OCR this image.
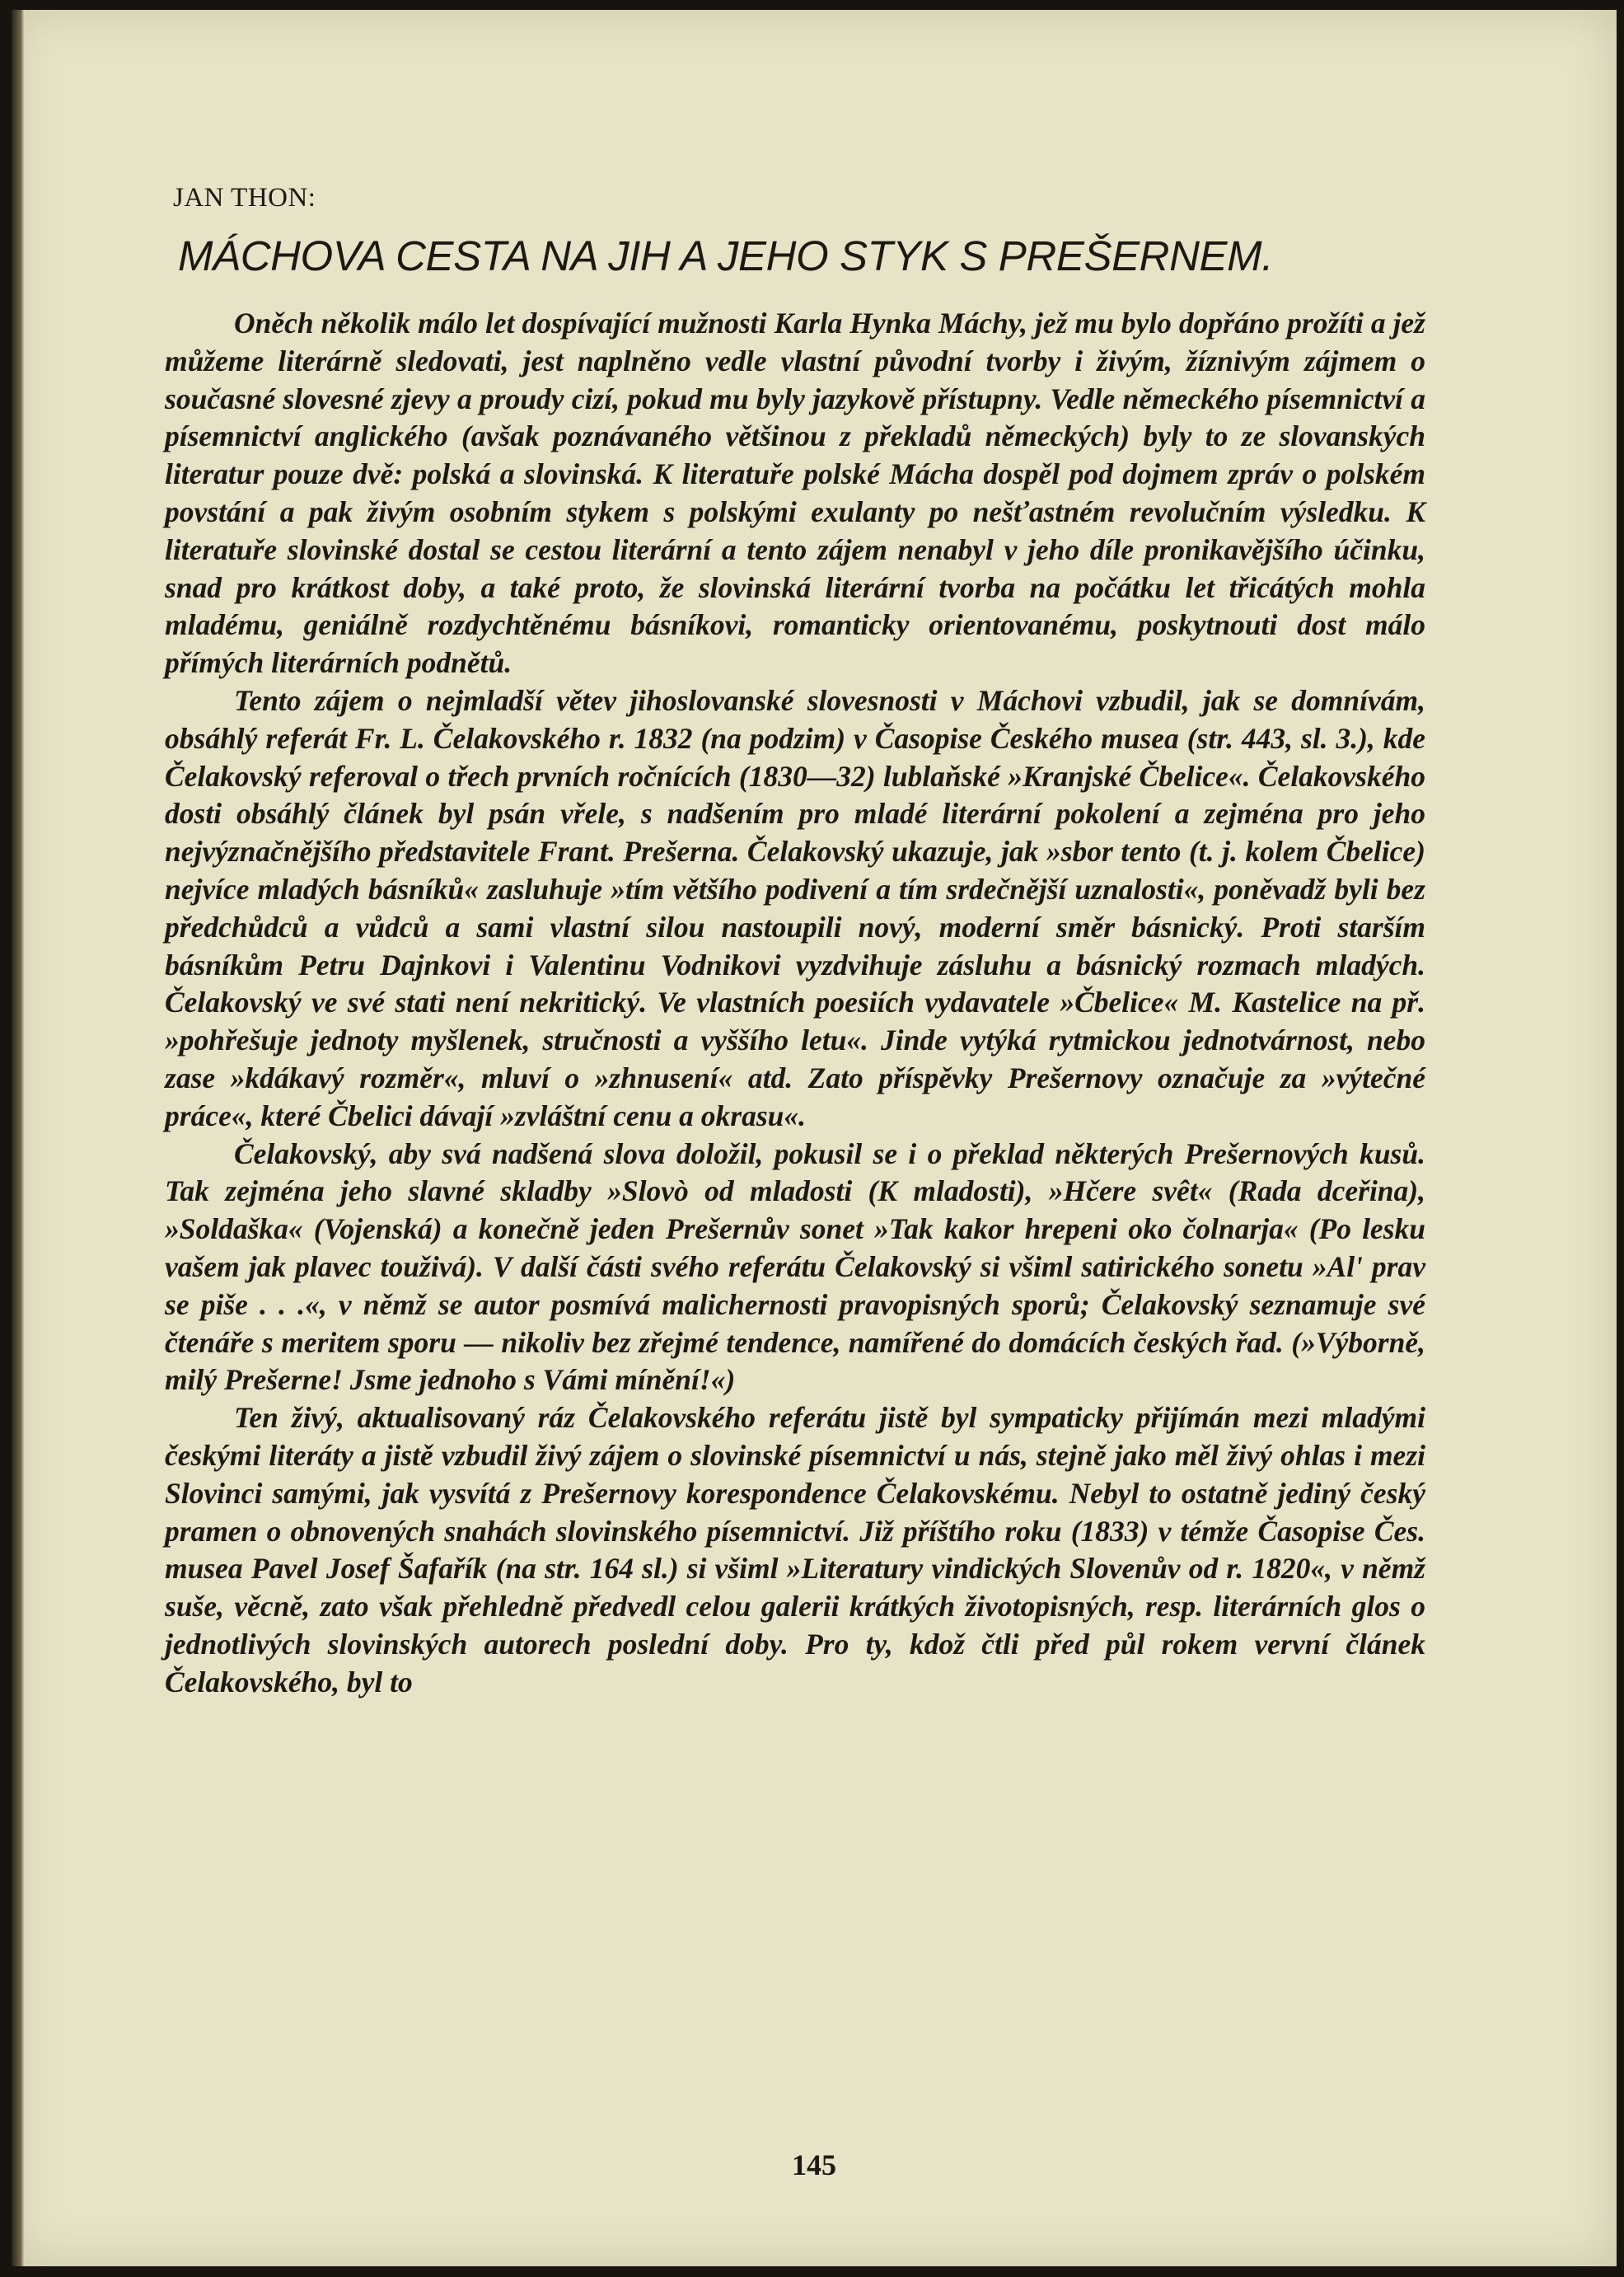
JAN THON:
MÁCHOVA CESTA NA JIH A JEHO STYK S PREŠERNEM.

Oněch několik málo let dospívající mužnosti Karla Hynka Máchy, jež mu bylo dopřáno prožíti a jež můžeme literárně sledovati, jest naplněno vedle vlastní původní tvorby i živým, žíznivým zájmem o současné slovesné zjevy a proudy cizí, pokud mu byly jazykově přístupny. Vedle německého písemnictví a písemnictví anglického (avšak poznávaného většinou z překladů německých) byly to ze slovanských literatur pouze dvě: polská a slovinská. K literatuře polské Mácha dospěl pod dojmem zpráv o polském povstání a pak živým osobním stykem s polskými exulanty po nešťastném revolučním výsledku. K literatuře slovinské dostal se cestou literární a tento zájem nenabyl v jeho díle pronikavějšího účinku, snad pro krátkost doby, a také proto, že slovinská literární tvorba na počátku let třicátých mohla mladému, geniálně rozdychtěnému básníkovi, romanticky orientovanému, poskytnouti dost málo přímých literárních podnětů.

Tento zájem o nejmladší větev jihoslovanské slovesnosti v Máchovi vzbudil, jak se domnívám, obsáhlý referát Fr. L. Čelakovského r. 1832 (na podzim) v Časopise Českého musea (str. 443, sl. 3.), kde Čelakovský referoval o třech prvních ročnících (1830—32) lublaňské »Kranjské Čbelice«. Čelakovského dosti obsáhlý článek byl psán vřele, s nadšením pro mladé literární pokolení a zejména pro jeho nejvýznačnějšího představitele Frant. Prešerna. Čelakovský ukazuje, jak »sbor tento (t. j. kolem Čbelice) nejvíce mladých básníků« zasluhuje »tím většího podivení a tím srdečnější uznalosti«, poněvadž byli bez předchůdců a vůdců a sami vlastní silou nastoupili nový, moderní směr básnický. Proti starším básníkům Petru Dajnkovi i Valentinu Vodnikovi vyzdvihuje zásluhu a básnický rozmach mladých. Čelakovský ve své stati není nekritický. Ve vlastních poesiích vydavatele »Čbelice« M. Kastelice na př. »pohřešuje jednoty myšlenek, stručnosti a vyššího letu«. Jinde vytýká rytmickou jednotvárnost, nebo zase »kdákavý rozměr«, mluví o »zhnusení« atd. Zato příspěvky Prešernovy označuje za »výtečné práce«, které Čbelici dávají »zvláštní cenu a okrasu«.

Čelakovský, aby svá nadšená slova doložil, pokusil se i o překlad některých Prešernových kusů. Tak zejména jeho slavné skladby »Slovò od mladosti (K mladosti), »Hčere svêt« (Rada dceřina), »Soldaška« (Vojenská) a konečně jeden Prešernův sonet »Tak kakor hrepeni oko čolnarja« (Po lesku vašem jak plavec touživá). V další části svého referátu Čelakovský si všiml satirického sonetu »Al' prav se piše . . .«, v němž se autor posmívá malichernosti pravopisných sporů; Čelakovský seznamuje své čtenáře s meritem sporu — nikoliv bez zřejmé tendence, namířené do domácích českých řad. (»Výborně, milý Prešerne! Jsme jednoho s Vámi mínění!«)

Ten živý, aktualisovaný ráz Čelakovského referátu jistě byl sympaticky přijímán mezi mladými českými literáty a jistě vzbudil živý zájem o slovinské písemnictví u nás, stejně jako měl živý ohlas i mezi Slovinci samými, jak vysvítá z Prešernovy korespondence Čelakovskému. Nebyl to ostatně jediný český pramen o obnovených snahách slovinského písemnictví. Již příštího roku (1833) v témže Časopise Čes. musea Pavel Josef Šafařík (na str. 164 sl.) si všiml »Literatury vindických Slovenův od r. 1820«, v němž suše, věcně, zato však přehledně předvedl celou galerii krátkých životopisných, resp. literárních glos o jednotlivých slovinských autorech poslední doby. Pro ty, kdož čtli před půl rokem vervní článek Čelakovského, byl to

145
